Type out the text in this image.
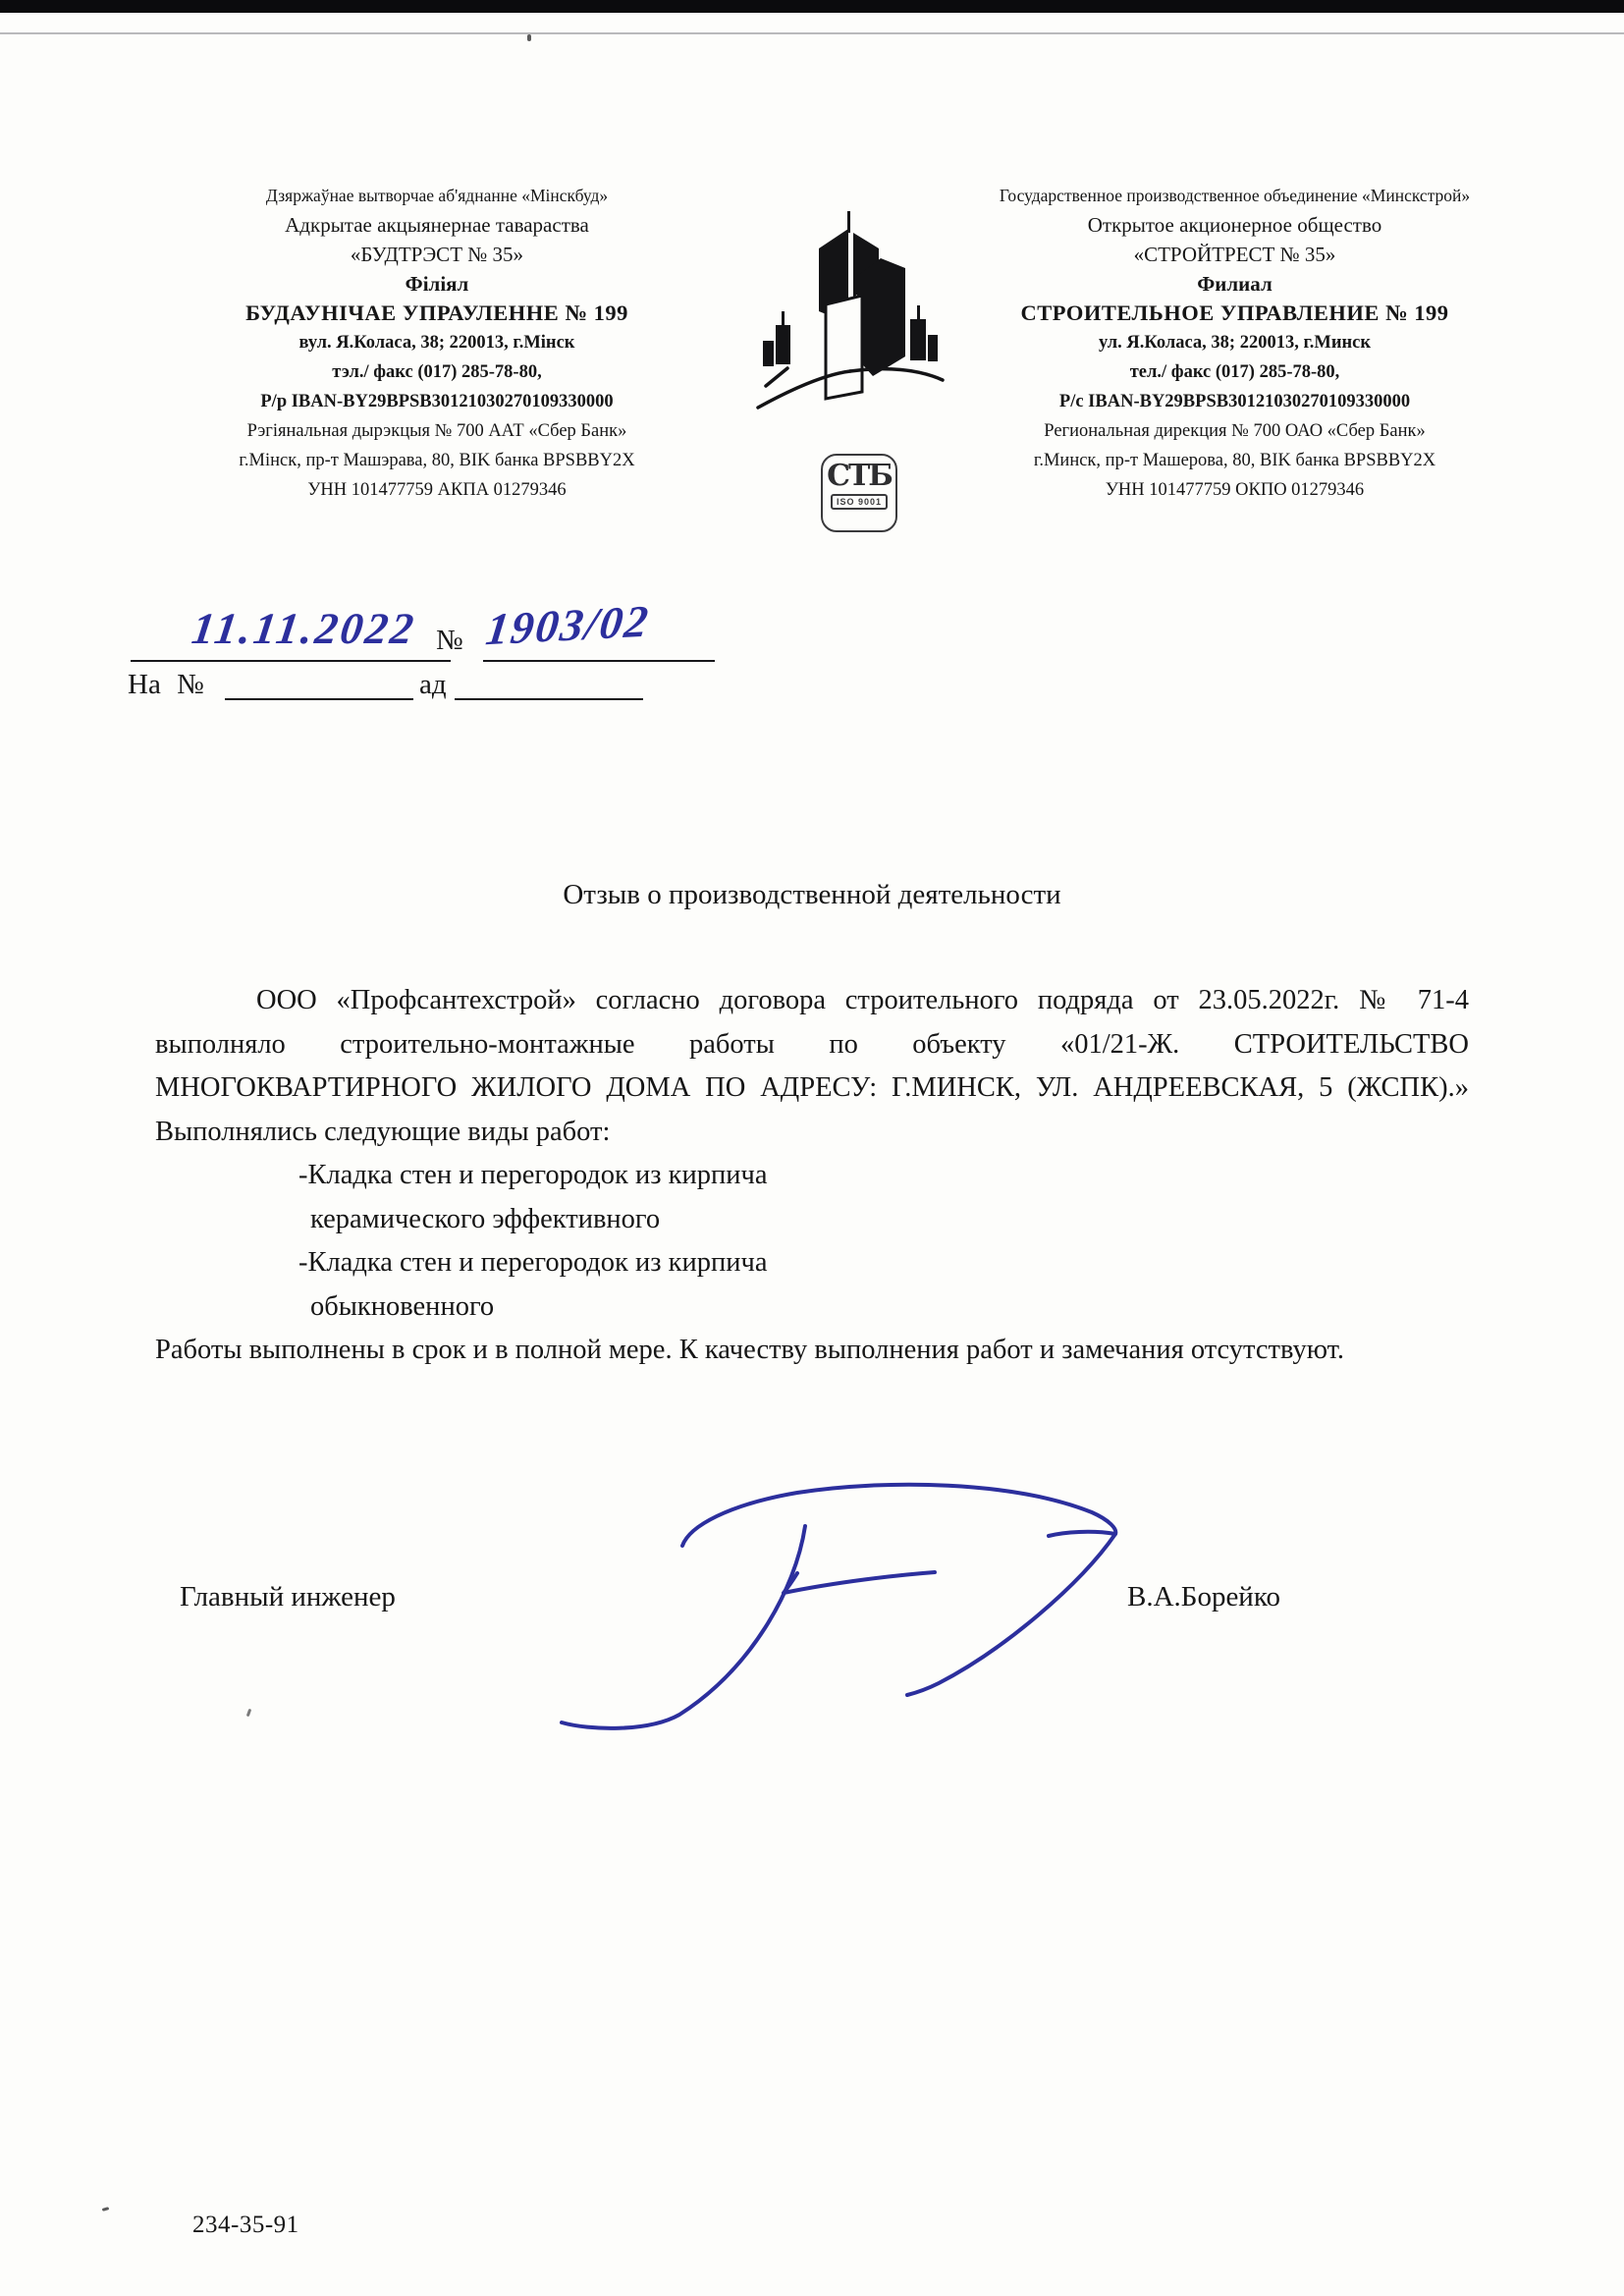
Дзяржаўнае вытворчае аб'яднанне «Мінскбуд»
Адкрытае акцыянернае тавараства
«БУДТРЭСТ № 35»
Філіял
БУДАУНІЧАЕ УПРАУЛЕННЕ № 199
вул. Я.Коласа, 38; 220013, г.Мінск
тэл./ факс (017) 285-78-80,
Р/р IBAN-BY29BPSB30121030270109330000
Рэгіянальная дырэкцыя № 700 ААТ «Сбер Банк»
г.Мінск, пр-т Машэрава, 80, BIK банка BPSBBY2X
УНН 101477759 АКПА 01279346
Государственное производственное объединение «Минскстрой»
Открытое акционерное общество
«СТРОЙТРЕСТ № 35»
Филиал
СТРОИТЕЛЬНОЕ УПРАВЛЕНИЕ № 199
ул. Я.Коласа, 38; 220013, г.Минск
тел./ факс (017) 285-78-80,
Р/с IBAN-BY29BPSB30121030270109330000
Региональная дирекция № 700 ОАО «Сбер Банк»
г.Минск, пр-т Машерова, 80, BIK банка BPSBBY2X
УНН 101477759 ОКПО 01279346
СТБ
ISO 9001
11.11.2022 № 1903/02
На №	ад
Отзыв о производственной деятельности

ООО «Профсантехстрой» согласно договора строительного подряда от 23.05.2022г. № 71-4 выполняло строительно-монтажные работы по объекту «01/21-Ж. СТРОИТЕЛЬСТВО МНОГОКВАРТИРНОГО ЖИЛОГО ДОМА ПО АДРЕСУ: Г.МИНСК, УЛ. АНДРЕЕВСКАЯ, 5 (ЖСПК).» Выполнялись следующие виды работ:

-Кладка стен и перегородок из кирпича
керамического эффективного
-Кладка стен и перегородок из кирпича
обыкновенного

Работы выполнены в срок и в полной мере. К качеству выполнения работ и замечания отсутствуют.

Главный инженер	В.А.Борейко
234-35-91
